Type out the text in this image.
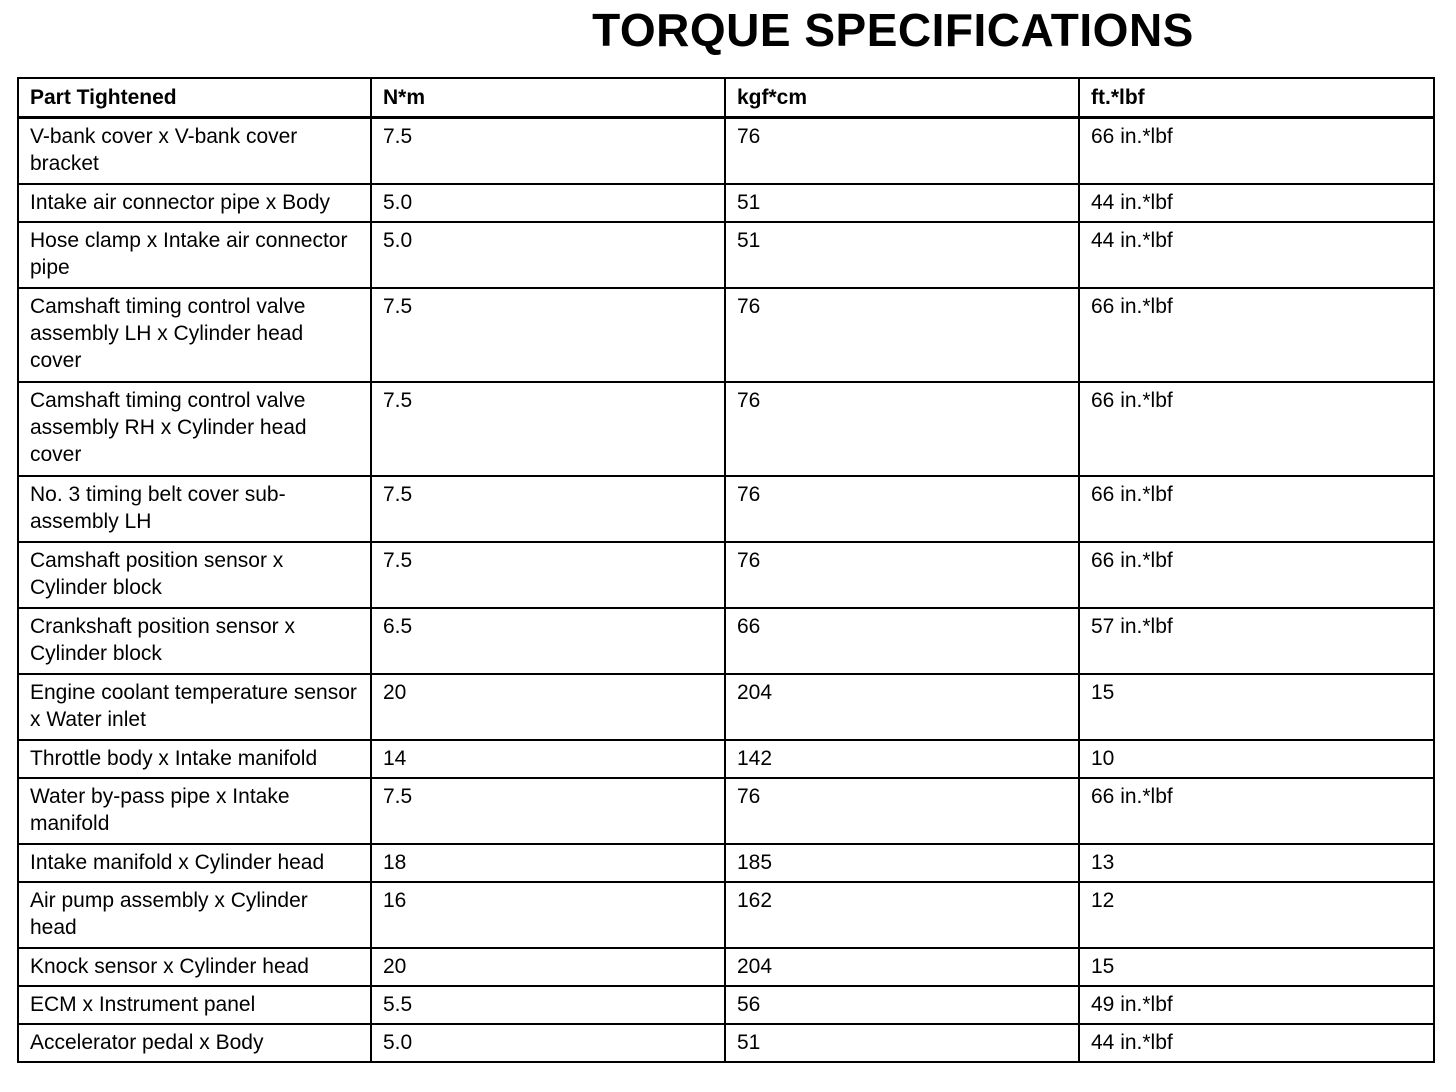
TORQUE SPECIFICATIONS
Part Tightened	N*m	kgf*cm	ft.*lbf
V-bank cover x V-bank cover bracket	7.5	76	66 in.*lbf
Intake air connector pipe x Body	5.0	51	44 in.*lbf
Hose clamp x Intake air connector pipe	5.0	51	44 in.*lbf
Camshaft timing control valve assembly LH x Cylinder head cover	7.5	76	66 in.*lbf
Camshaft timing control valve assembly RH x Cylinder head cover	7.5	76	66 in.*lbf
No. 3 timing belt cover sub-assembly LH	7.5	76	66 in.*lbf
Camshaft position sensor x Cylinder block	7.5	76	66 in.*lbf
Crankshaft position sensor x Cylinder block	6.5	66	57 in.*lbf
Engine coolant temperature sensor x Water inlet	20	204	15
Throttle body x Intake manifold	14	142	10
Water by-pass pipe x Intake manifold	7.5	76	66 in.*lbf
Intake manifold x Cylinder head	18	185	13
Air pump assembly x Cylinder head	16	162	12
Knock sensor x Cylinder head	20	204	15
ECM x Instrument panel	5.5	56	49 in.*lbf
Accelerator pedal x Body	5.0	51	44 in.*lbf
